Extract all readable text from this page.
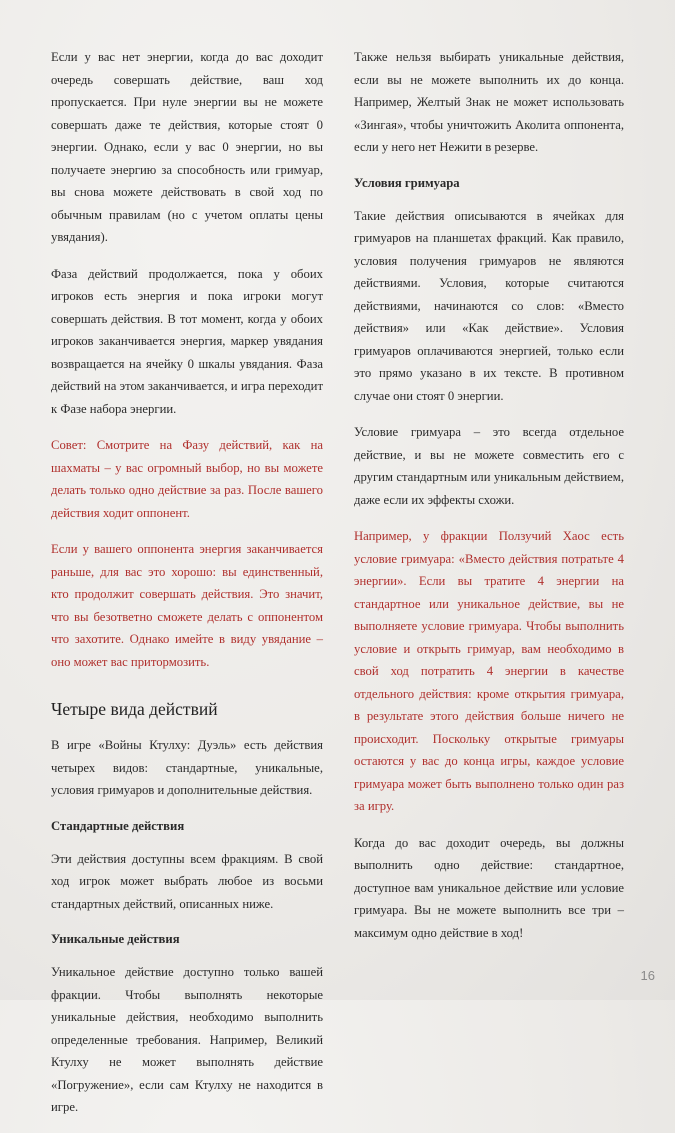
Если у вас нет энергии, когда до вас доходит очередь совершать действие, ваш ход пропускается. При нуле энергии вы не можете совершать даже те действия, которые стоят 0 энергии. Однако, если у вас 0 энергии, но вы получаете энергию за способность или гримуар, вы снова можете действовать в свой ход по обычным правилам (но с учетом оплаты цены увядания).

Фаза действий продолжается, пока у обоих игроков есть энергия и пока игроки могут совершать действия. В тот момент, когда у обоих игроков заканчивается энергия, маркер увядания возвращается на ячейку 0 шкалы увядания. Фаза действий на этом заканчивается, и игра переходит к Фазе набора энергии.

Совет: Смотрите на Фазу действий, как на шахматы – у вас огромный выбор, но вы можете делать только одно действие за раз. После вашего действия ходит оппонент.

Если у вашего оппонента энергия заканчивается раньше, для вас это хорошо: вы единственный, кто продолжит совершать действия. Это значит, что вы безответно сможете делать с оппонентом что захотите. Однако имейте в виду увядание – оно может вас притормозить.

Четыре вида действий

В игре «Войны Ктулху: Дуэль» есть действия четырех видов: стандартные, уникальные, условия гримуаров и дополнительные действия.

Стандартные действия

Эти действия доступны всем фракциям. В свой ход игрок может выбрать любое из восьми стандартных действий, описанных ниже.

Уникальные действия

Уникальное действие доступно только вашей фракции. Чтобы выполнять некоторые уникальные действия, необходимо выполнить определенные требования. Например, Великий Ктулху не может выполнять действие «Погружение», если сам Ктулху не находится в игре.

Также нельзя выбирать уникальные действия, если вы не можете выполнить их до конца. Например, Желтый Знак не может использовать «Зингая», чтобы уничтожить Аколита оппонента, если у него нет Нежити в резерве.

Условия гримуара

Такие действия описываются в ячейках для гримуаров на планшетах фракций. Как правило, условия получения гримуаров не являются действиями. Условия, которые считаются действиями, начинаются со слов: «Вместо действия» или «Как действие». Условия гримуаров оплачиваются энергией, только если это прямо указано в их тексте. В противном случае они стоят 0 энергии.

Условие гримуара – это всегда отдельное действие, и вы не можете совместить его с другим стандартным или уникальным действием, даже если их эффекты схожи.

Например, у фракции Ползучий Хаос есть условие гримуара: «Вместо действия потратьте 4 энергии». Если вы тратите 4 энергии на стандартное или уникальное действие, вы не выполняете условие гримуара. Чтобы выполнить условие и открыть гримуар, вам необходимо в свой ход потратить 4 энергии в качестве отдельного действия: кроме открытия гримуара, в результате этого действия больше ничего не происходит. Поскольку открытые гримуары остаются у вас до конца игры, каждое условие гримуара может быть выполнено только один раз за игру.

Когда до вас доходит очередь, вы должны выполнить одно действие: стандартное, доступное вам уникальное действие или условие гримуара. Вы не можете выполнить все три – максимум одно действие в ход!

16
